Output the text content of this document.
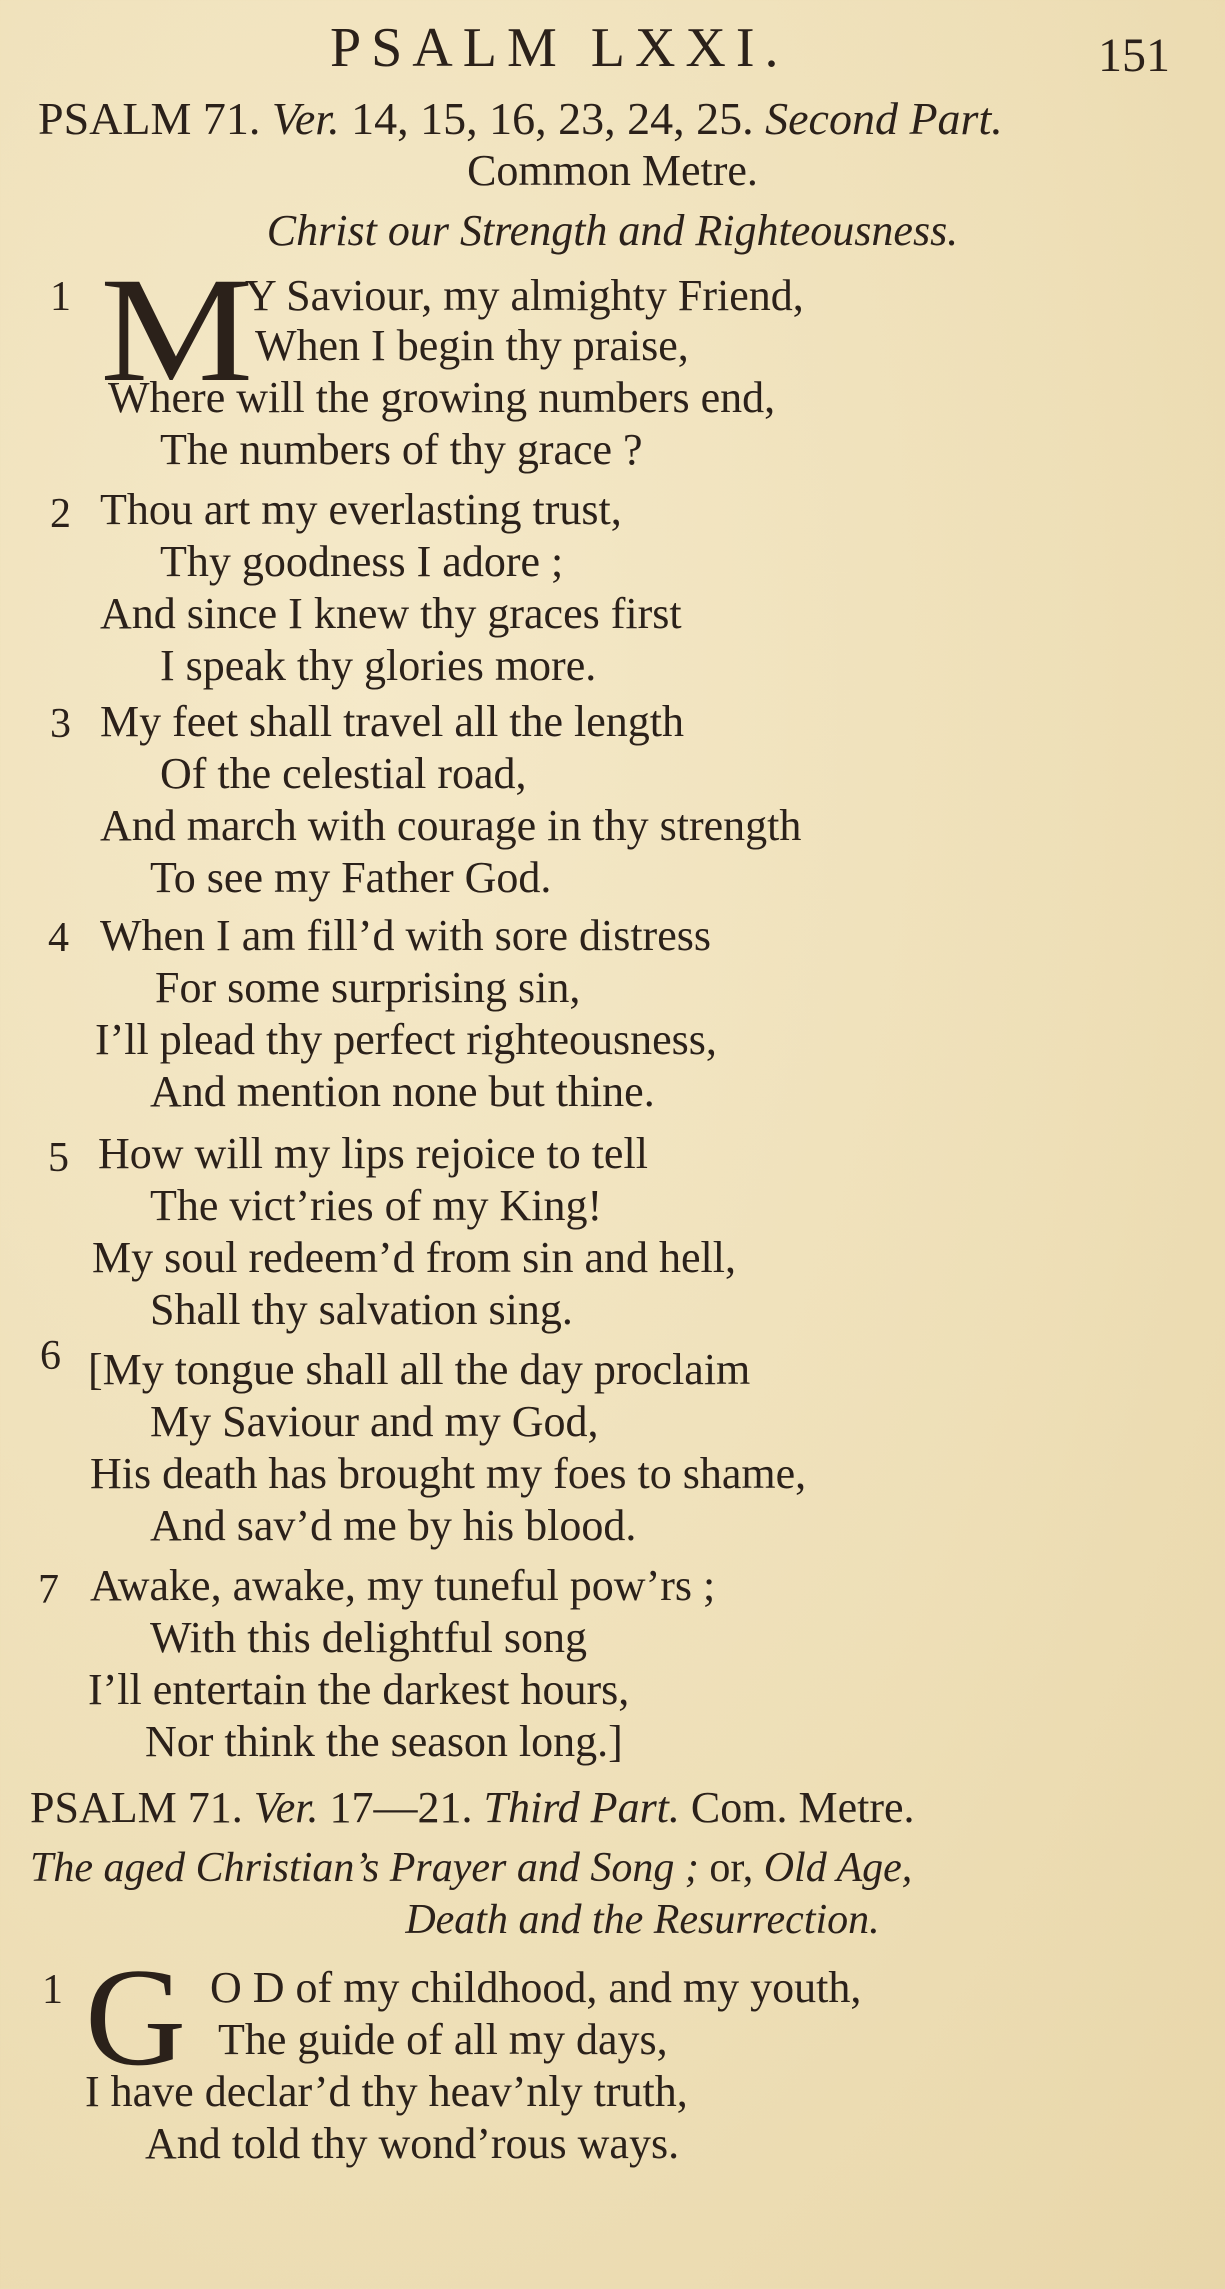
PSALM LXXI.	151
PSALM 71. Ver. 14, 15, 16, 23, 24, 25. Second Part.
Common Metre.
Christ our Strength and Righteousness.
1 M
Y Saviour, my almighty Friend,
When I begin thy praise,
Where will the growing numbers end,
The numbers of thy grace ?
2 Thou art my everlasting trust,
Thy goodness I adore ;
And since I knew thy graces first
I speak thy glories more.
3 My feet shall travel all the length
Of the celestial road,
And march with courage in thy strength
To see my Father God.
4 When I am fill’d with sore distress
For some surprising sin,
I’ll plead thy perfect righteousness,
And mention none but thine.
5 How will my lips rejoice to tell
The vict’ries of my King!
My soul redeem’d from sin and hell,
Shall thy salvation sing.
6 [My tongue shall all the day proclaim
My Saviour and my God,
His death has brought my foes to shame,
And sav’d me by his blood.
7 Awake, awake, my tuneful pow’rs ;
With this delightful song
I’ll entertain the darkest hours,
Nor think the season long.]
PSALM 71. Ver. 17—21. Third Part. Com. Metre.
The aged Christian’s Prayer and Song ; or, Old Age,
Death and the Resurrection.
1 G O D of my childhood, and my youth,
The guide of all my days,
I have declar’d thy heav’nly truth,
And told thy wond’rous ways.
